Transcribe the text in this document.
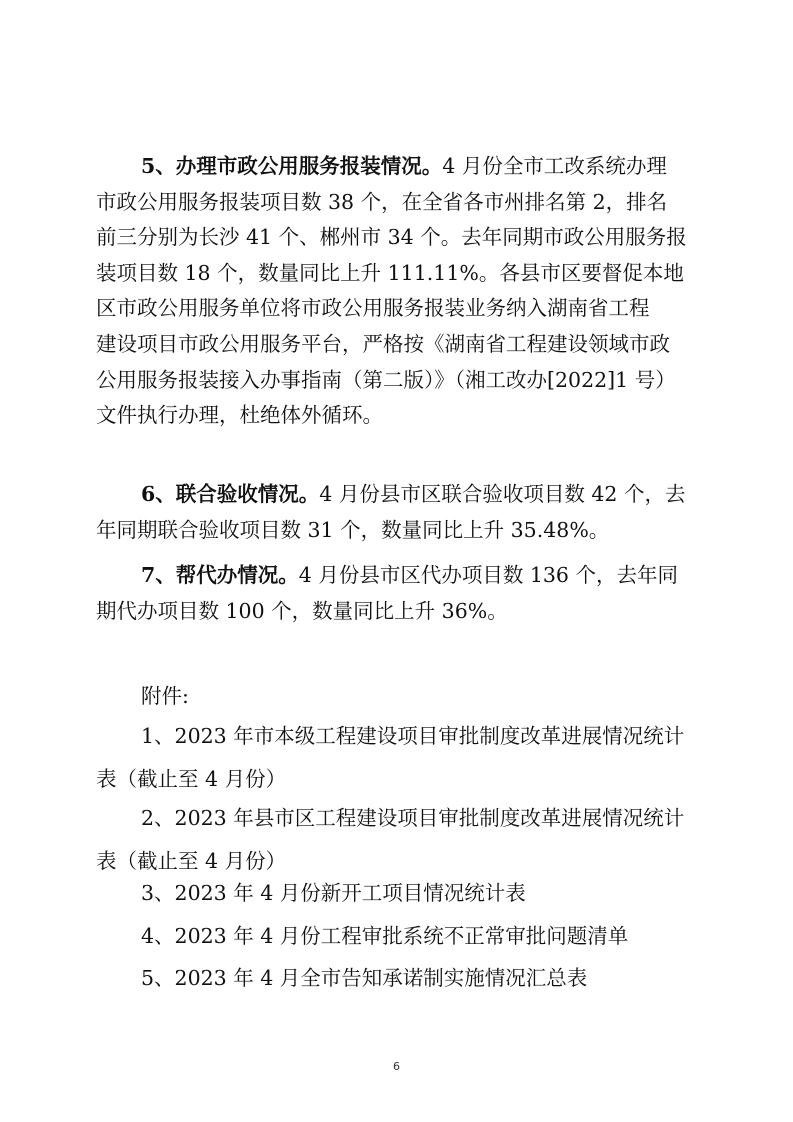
5、办理市政公用服务报装情况。4 月份全市工改系统办理
市政公用服务报装项目数 38 个，在全省各市州排名第 2，排名
前三分别为长沙 41 个、郴州市 34 个。去年同期市政公用服务报
装项目数 18 个，数量同比上升 111.11%。各县市区要督促本地
区市政公用服务单位将市政公用服务报装业务纳入湖南省工程
建设项目市政公用服务平台，严格按《湖南省工程建设领域市政
公用服务报装接入办事指南（第二版）》（湘工改办[2022]1 号）
文件执行办理，杜绝体外循环。
6、联合验收情况。4 月份县市区联合验收项目数 42 个，去
年同期联合验收项目数 31 个，数量同比上升 35.48%。
7、帮代办情况。4 月份县市区代办项目数 136 个，去年同
期代办项目数 100 个，数量同比上升 36%。
附件:
1、2023 年市本级工程建设项目审批制度改革进展情况统计
表（截止至 4 月份）
2、2023 年县市区工程建设项目审批制度改革进展情况统计
表（截止至 4 月份）
3、2023 年 4 月份新开工项目情况统计表
4、2023 年 4 月份工程审批系统不正常审批问题清单
5、2023 年 4 月全市告知承诺制实施情况汇总表
6
